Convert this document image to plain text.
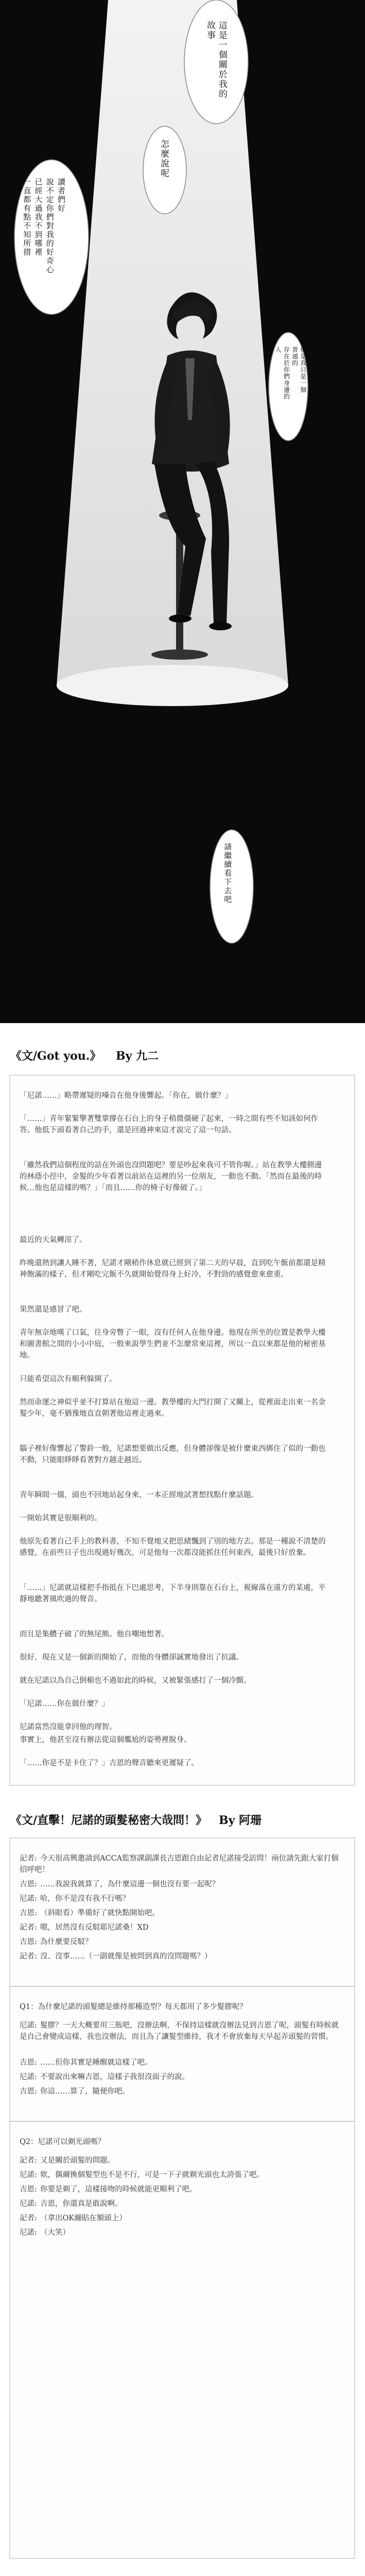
這是一個關於我的故事
怎麼說呢
讀者們好
說不定你們對我的好奇心
已經大過我不到哪裡
一直都有點不知所措
但是我只是一個
普通的
存在於你們身邊的
人
請繼續看下去吧
《文/Got you.》 By 九二
「尼諾……」略帶遲疑的嗓音在他身後響起。「你在，做什麼？」
「……」青年緊緊擎著雙掌撐在石台上的身子稍微僵硬了起來，一時之間有些不知該如何作答。他低下頭看著自己的手，還是回過神來這才說完了這一句話。
「雖然我們這個程度的話在外頭也沒問題吧？要是吵起來我可不管你喔。」站在教學大樓側邊的林蔭小徑中，金髮的少年看著以前站在這裡的另一位朋友，一動也不動。「然而在最後的時候…他也是這樣的嗎？」「而且……你的椅子好像破了。」
最近的天氣轉涼了。
昨晚還熱到讓人睡不著，尼諾才剛稍作休息就已經到了第二天的早晨，直到吃午飯前都還是精神飽滿的樣子，但才剛吃完飯不久就開始覺得身上好冷，不對勁的感覺愈來愈重。
果然還是感冒了吧。
青年無奈地嘆了口氣，往身旁瞥了一眼，沒有任何人在他身邊。他現在所坐的位置是教學大樓和圖書館之間的小小中庭，一般來說學生們並不怎麼常來這裡，所以一直以來都是他的秘密基地。
只能希望這次有順利躲開了。
然而命運之神似乎並不打算站在他這一邊。教學樓的大門打開了又關上，從裡面走出來一名金髮少年，毫不猶豫地直直朝著他這裡走過來。
腦子裡好像響起了警鈴一般，尼諾想要做出反應，但身體卻像是被什麼東西綁住了似的一動也不動，只能眼睜睜看著對方越走越近。
青年瞬間一僵，頭也不回地站起身來，一本正經地試著想找點什麼話題。
一開始其實是很順利的。
他原先看著自己手上的教科書，不知不覺地又把思緒飄到了別的地方去。那是一種說不清楚的感覺，在前些日子也出現過好幾次，可是他每一次都沒能抓住任何東西，最後只好放棄。
「……」尼諾就這樣把手指抵在下巴處思考，下半身則靠在石台上，視線落在遠方的某處，平靜地聽著風吹過的聲音。
而且是集體子破了的無尾熊。他自嘲地想著。
很好，現在又是一個新的開始了，而他的身體卻誠實地發出了抗議。
就在尼諾以為自己倒楣也不過如此的時候，又被緊張感打了一個冷顫。
「尼諾……你在做什麼？」
尼諾當然沒能拿回他的理智。
事實上，他甚至沒有辦法從這個尷尬的姿勢裡脫身。
「……你是不是卡住了？」吉恩的聲音聽來更遲疑了。
《文/直擊！尼諾的頭髮秘密大哉問！》 By 阿珊
記者: 今天很高興邀請到ACCA監察課副課長吉恩跟自由記者尼諾接受訪問！兩位請先跟大家打個招呼吧！
吉恩: ……我說我就算了，為什麼這邊一個也沒有要一起呢？
尼諾: 哈，你不是沒有我不行嗎？
吉恩: （斜眼看）準備好了就快點開始吧。
記者: 嗯，居然沒有反駁耶尼諾桑！XD
吉恩: 為什麼要反駁？
記者: 沒、沒事……（一副就像是被問到真的沒問題嗎？）
Q1：為什麼尼諾的頭髮總是維持那種造型？每天都用了多少髮膠呢？
尼諾: 髮膠？一天大概要用三瓶吧，沒辦法啊，不保持這樣就沒辦法見到吉恩了呢，頭髮有時候就是自己會變成這樣，我也沒辦法，而且為了讓髮型維持，我才不會放棄每天早起弄頭髮的習慣。
吉恩: ……但你其實是睡醒就這樣了吧。
尼諾: 不要說出來嘛吉恩，這樣子我很沒面子的說。
吉恩: 你這……算了，隨便你吧。
Q2：尼諾可以剃光頭嗎？
記者: 又是關於頭髮的問題。
尼諾: 欸，偶爾換個髮型也不是不行，可是一下子就剃光頭也太誇張了吧。
吉恩: 你要是剃了，這樣接吻的時候就能更順利了吧。
尼諾: 吉恩，你還真是敢說啊。
記者: （拿出OK繃貼在額頭上）
尼諾: （大笑）
